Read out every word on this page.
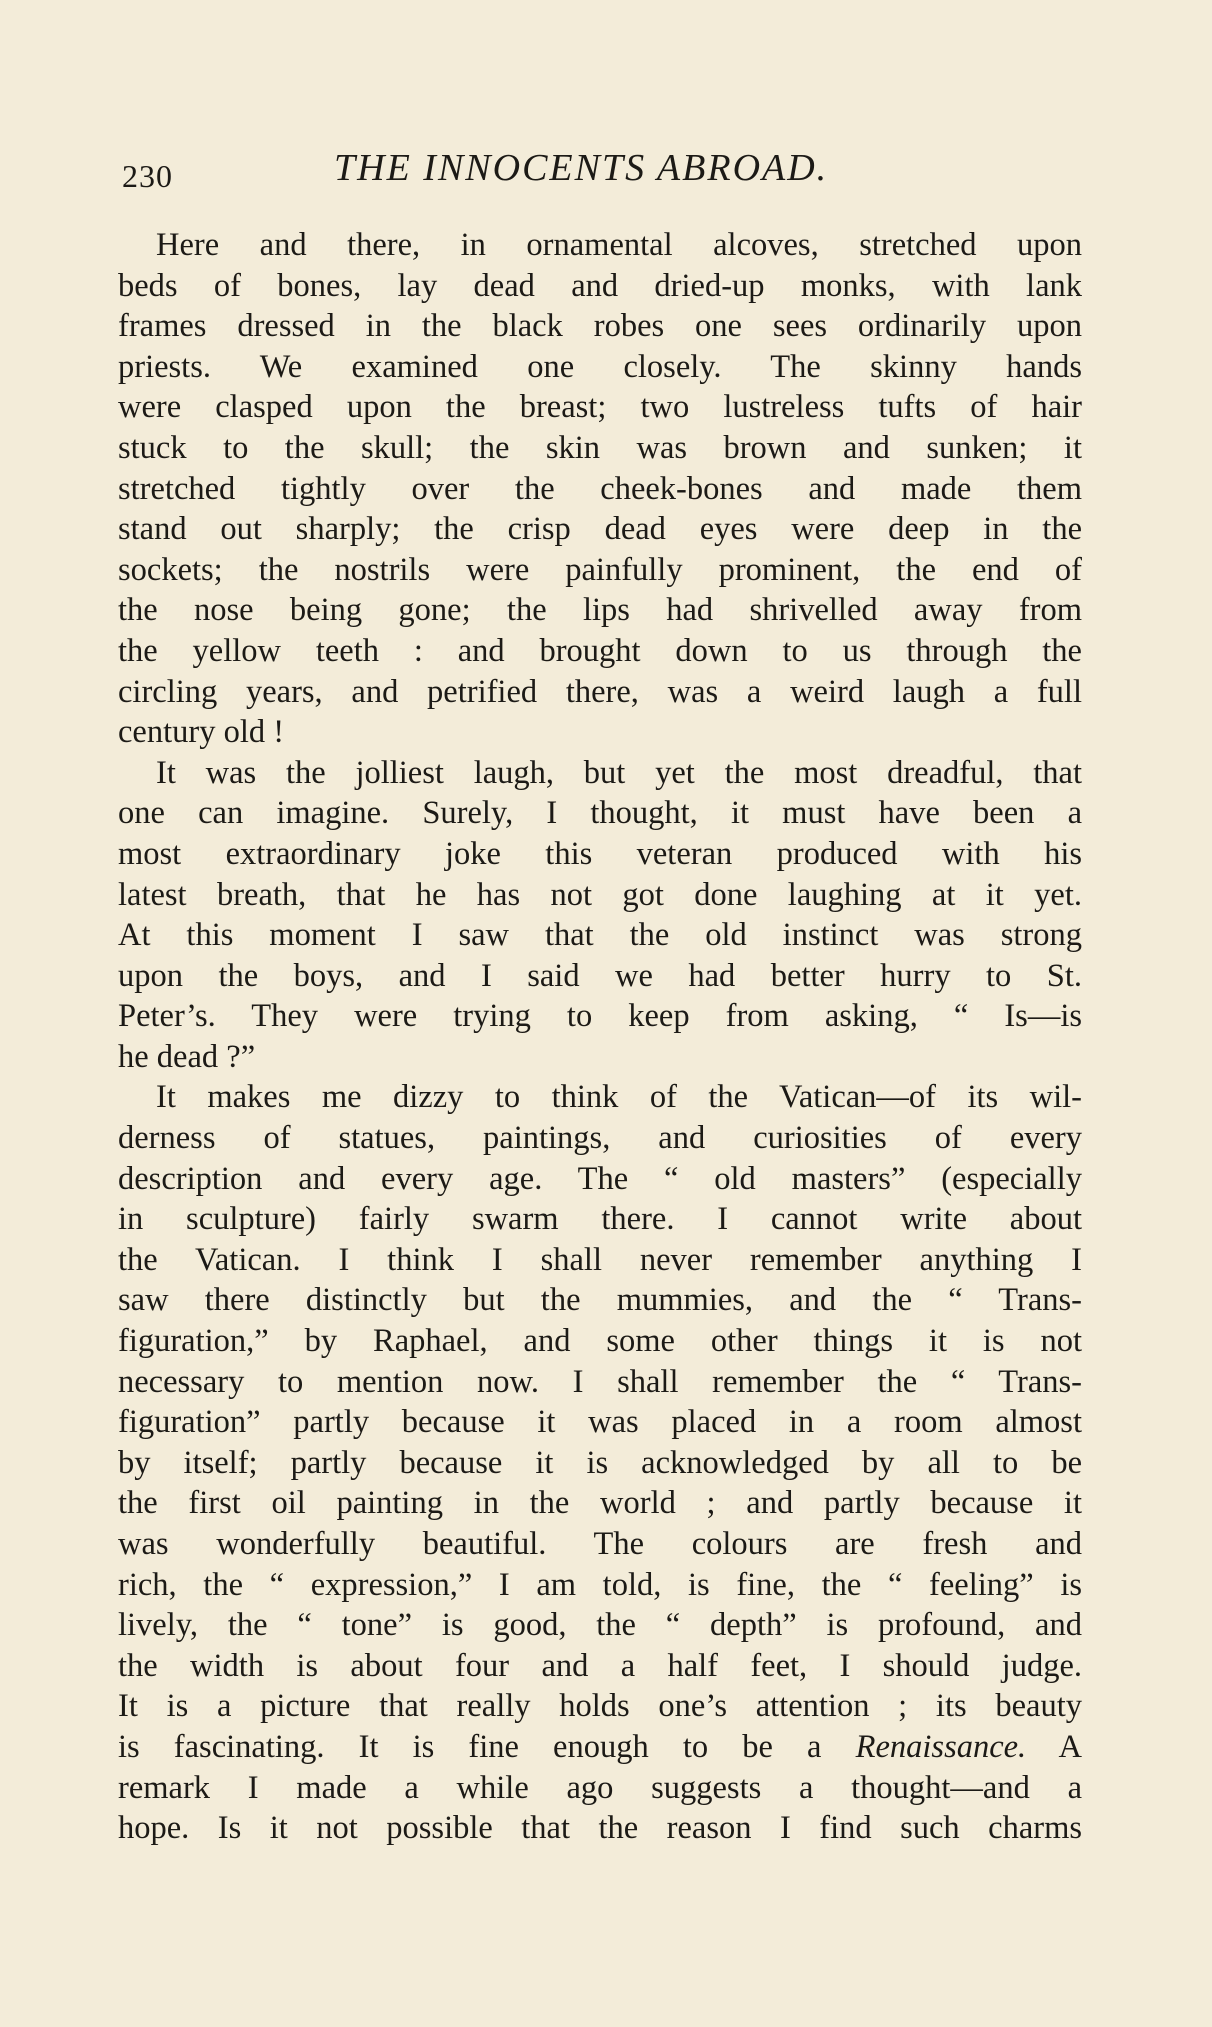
230	THE INNOCENTS ABROAD.
Here and there, in ornamental alcoves, stretched upon
beds of bones, lay dead and dried-up monks, with lank
frames dressed in the black robes one sees ordinarily upon
priests. We examined one closely. The skinny hands
were clasped upon the breast; two lustreless tufts of hair
stuck to the skull; the skin was brown and sunken; it
stretched tightly over the cheek-bones and made them
stand out sharply; the crisp dead eyes were deep in the
sockets; the nostrils were painfully prominent, the end of
the nose being gone; the lips had shrivelled away from
the yellow teeth : and brought down to us through the
circling years, and petrified there, was a weird laugh a full
century old !
It was the jolliest laugh, but yet the most dreadful, that
one can imagine. Surely, I thought, it must have been a
most extraordinary joke this veteran produced with his
latest breath, that he has not got done laughing at it yet.
At this moment I saw that the old instinct was strong
upon the boys, and I said we had better hurry to St.
Peter’s. They were trying to keep from asking, “ Is—is
he dead ?”
It makes me dizzy to think of the Vatican—of its wil-
derness of statues, paintings, and curiosities of every
description and every age. The “ old masters” (especially
in sculpture) fairly swarm there. I cannot write about
the Vatican. I think I shall never remember anything I
saw there distinctly but the mummies, and the “ Trans-
figuration,” by Raphael, and some other things it is not
necessary to mention now. I shall remember the “ Trans-
figuration” partly because it was placed in a room almost
by itself; partly because it is acknowledged by all to be
the first oil painting in the world ; and partly because it
was wonderfully beautiful. The colours are fresh and
rich, the “ expression,” I am told, is fine, the “ feeling” is
lively, the “ tone” is good, the “ depth” is profound, and
the width is about four and a half feet, I should judge.
It is a picture that really holds one’s attention ; its beauty
is fascinating. It is fine enough to be a Renaissance. A
remark I made a while ago suggests a thought—and a
hope. Is it not possible that the reason I find such charms
